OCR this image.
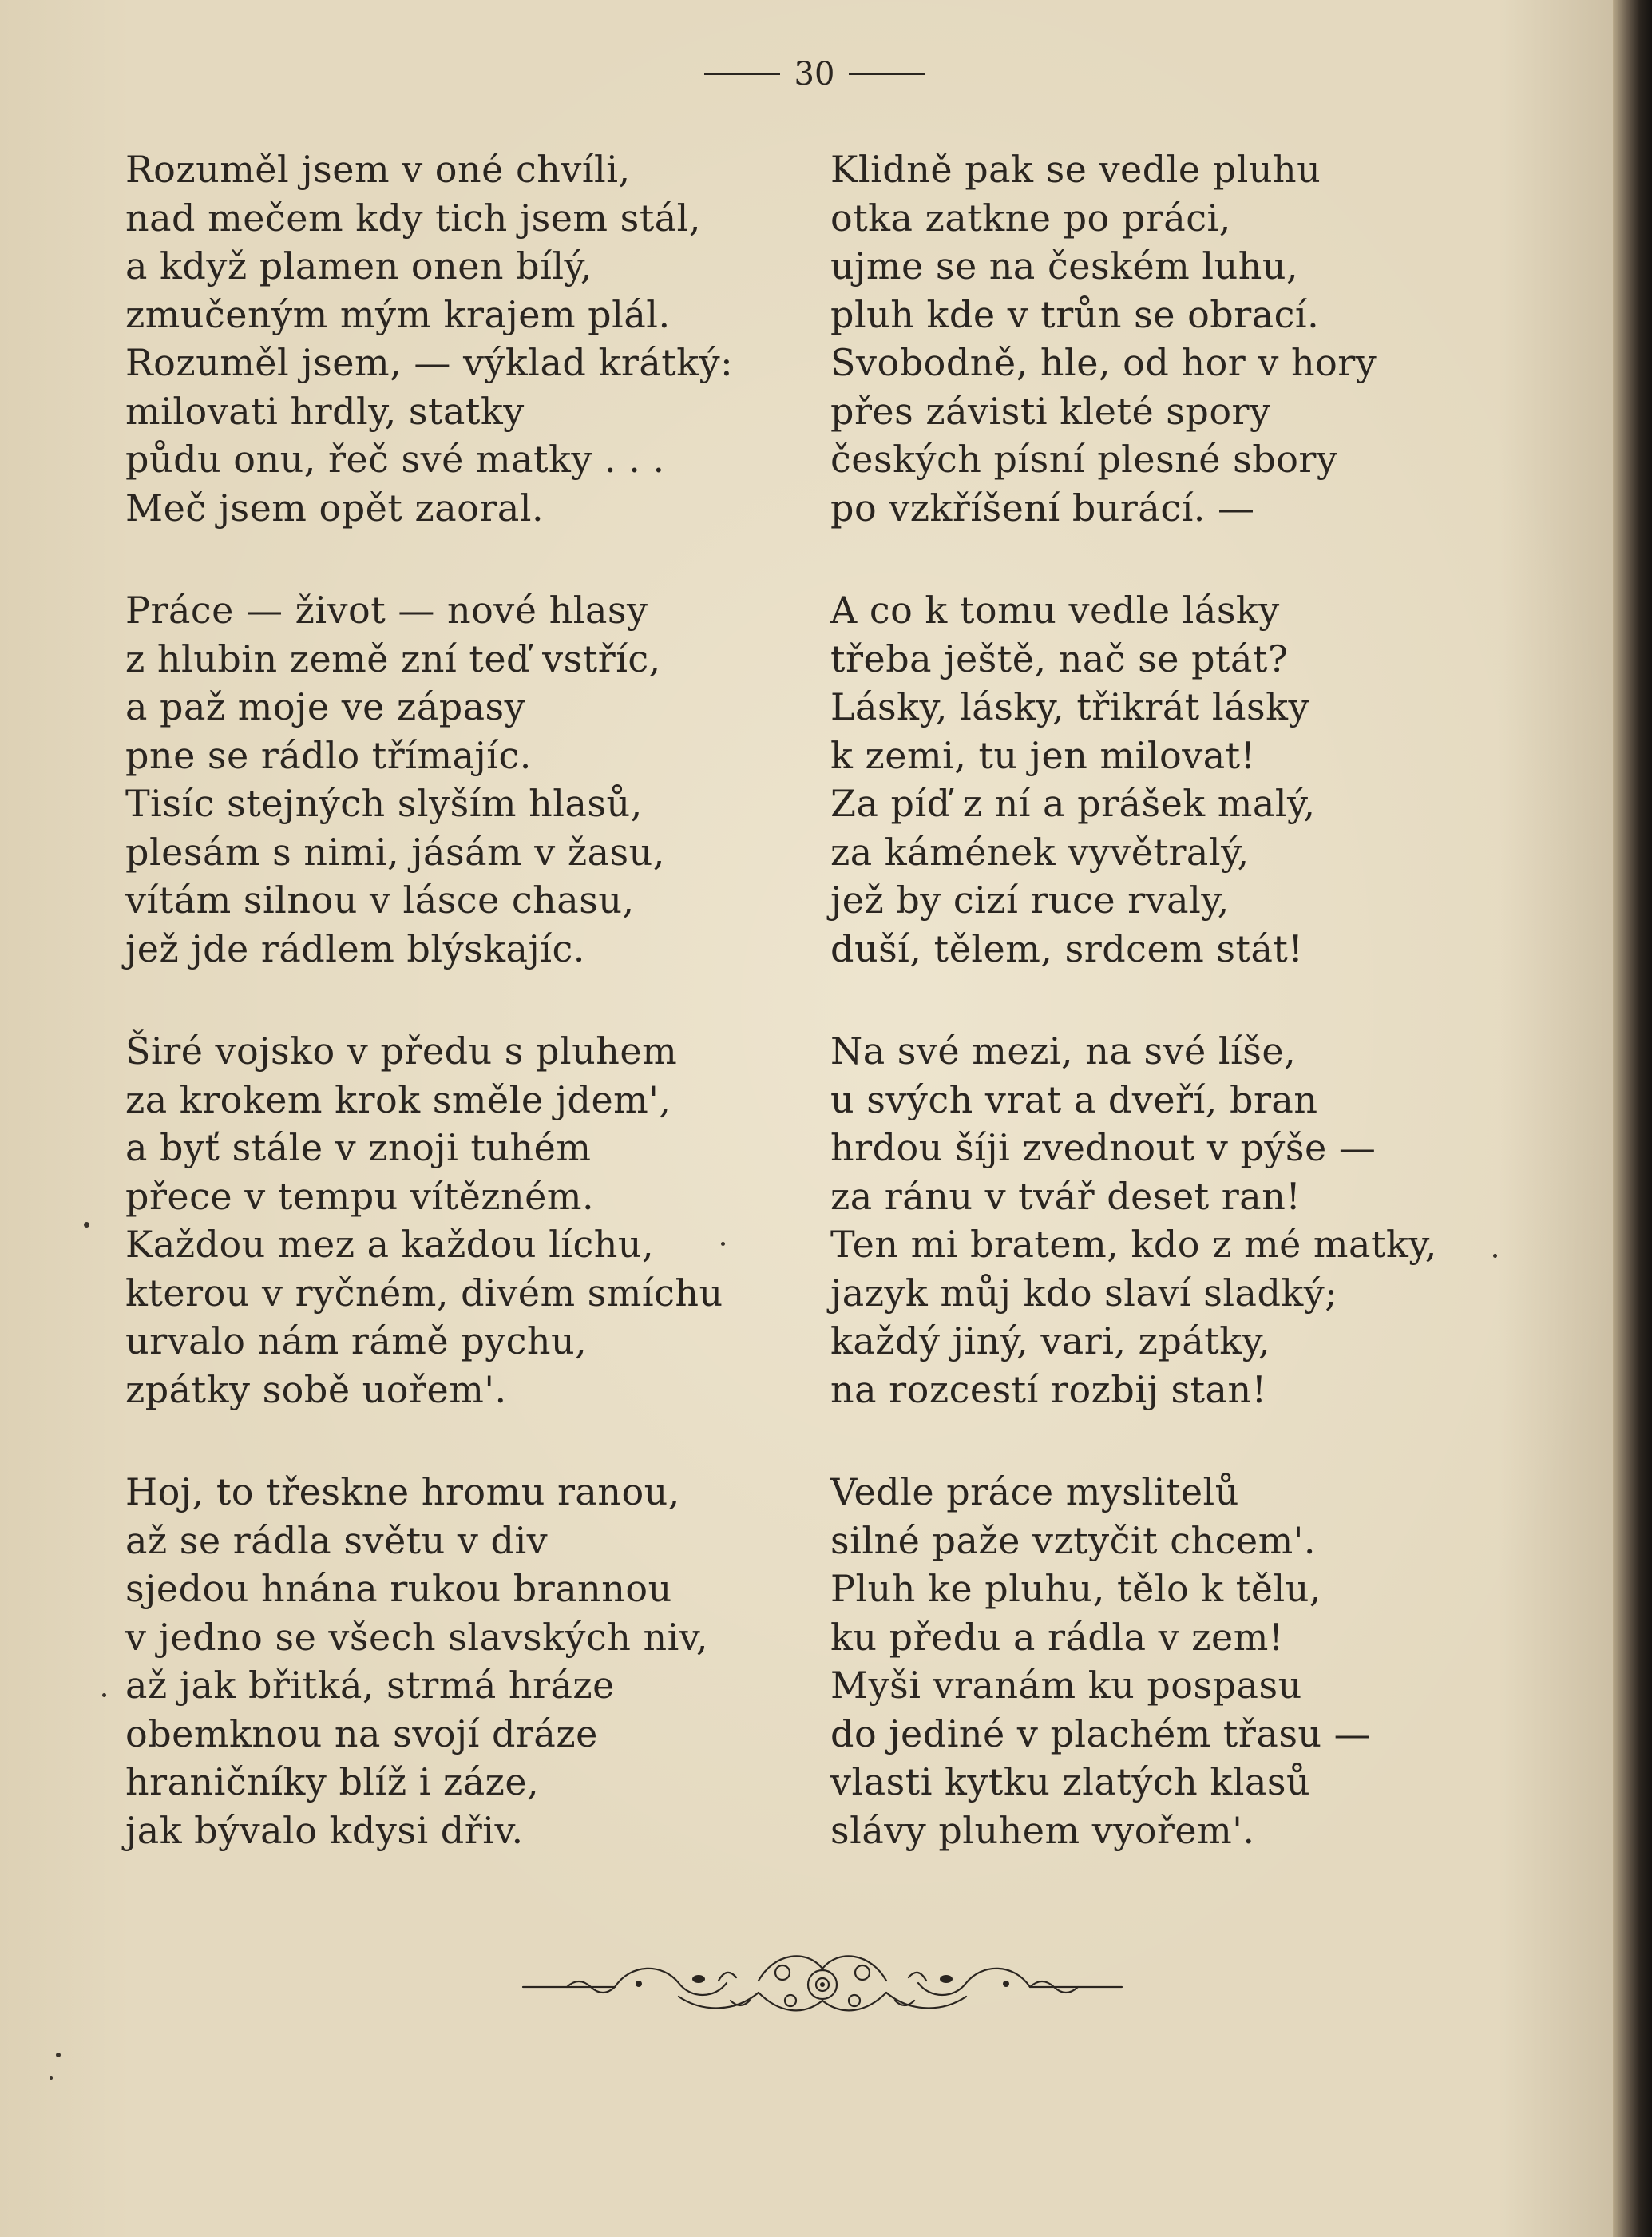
30
Rozuměl jsem v oné chvíli,
nad mečem kdy tich jsem stál,
a když plamen onen bílý,
zmučeným mým krajem plál.
Rozuměl jsem, — výklad krátký:
milovati hrdly, statky
půdu onu, řeč své matky . . .
Meč jsem opět zaoral.
Práce — život — nové hlasy
z hlubin země zní teď vstříc,
a paž moje ve zápasy
pne se rádlo třímajíc.
Tisíc stejných slyším hlasů,
plesám s nimi, jásám v žasu,
vítám silnou v lásce chasu,
jež jde rádlem blýskajíc.
Širé vojsko v předu s pluhem
za krokem krok směle jdem',
a byť stále v znoji tuhém
přece v tempu vítězném.
Každou mez a každou líchu,
kterou v ryčném, divém smíchu
urvalo nám rámě pychu,
zpátky sobě uořem'.
Hoj, to třeskne hromu ranou,
až se rádla světu v div
sjedou hnána rukou brannou
v jedno se všech slavských niv,
až jak břitká, strmá hráze
obemknou na svojí dráze
hraničníky blíž i záze,
jak bývalo kdysi dřiv.
Klidně pak se vedle pluhu
otka zatkne po práci,
ujme se na českém luhu,
pluh kde v trůn se obrací.
Svobodně, hle, od hor v hory
přes závisti kleté spory
českých písní plesné sbory
po vzkříšení burácí. —
A co k tomu vedle lásky
třeba ještě, nač se ptát?
Lásky, lásky, třikrát lásky
k zemi, tu jen milovat!
Za píď z ní a prášek malý,
za kámének vyvětralý,
jež by cizí ruce rvaly,
duší, tělem, srdcem stát!
Na své mezi, na své líše,
u svých vrat a dveří, bran
hrdou šíji zvednout v pýše —
za ránu v tvář deset ran!
Ten mi bratem, kdo z mé matky,
jazyk můj kdo slaví sladký;
každý jiný, vari, zpátky,
na rozcestí rozbij stan!
Vedle práce myslitelů
silné paže vztyčit chcem'.
Pluh ke pluhu, tělo k tělu,
ku předu a rádla v zem!
Myši vranám ku pospasu
do jediné v plachém třasu —
vlasti kytku zlatých klasů
slávy pluhem vyořem'.
